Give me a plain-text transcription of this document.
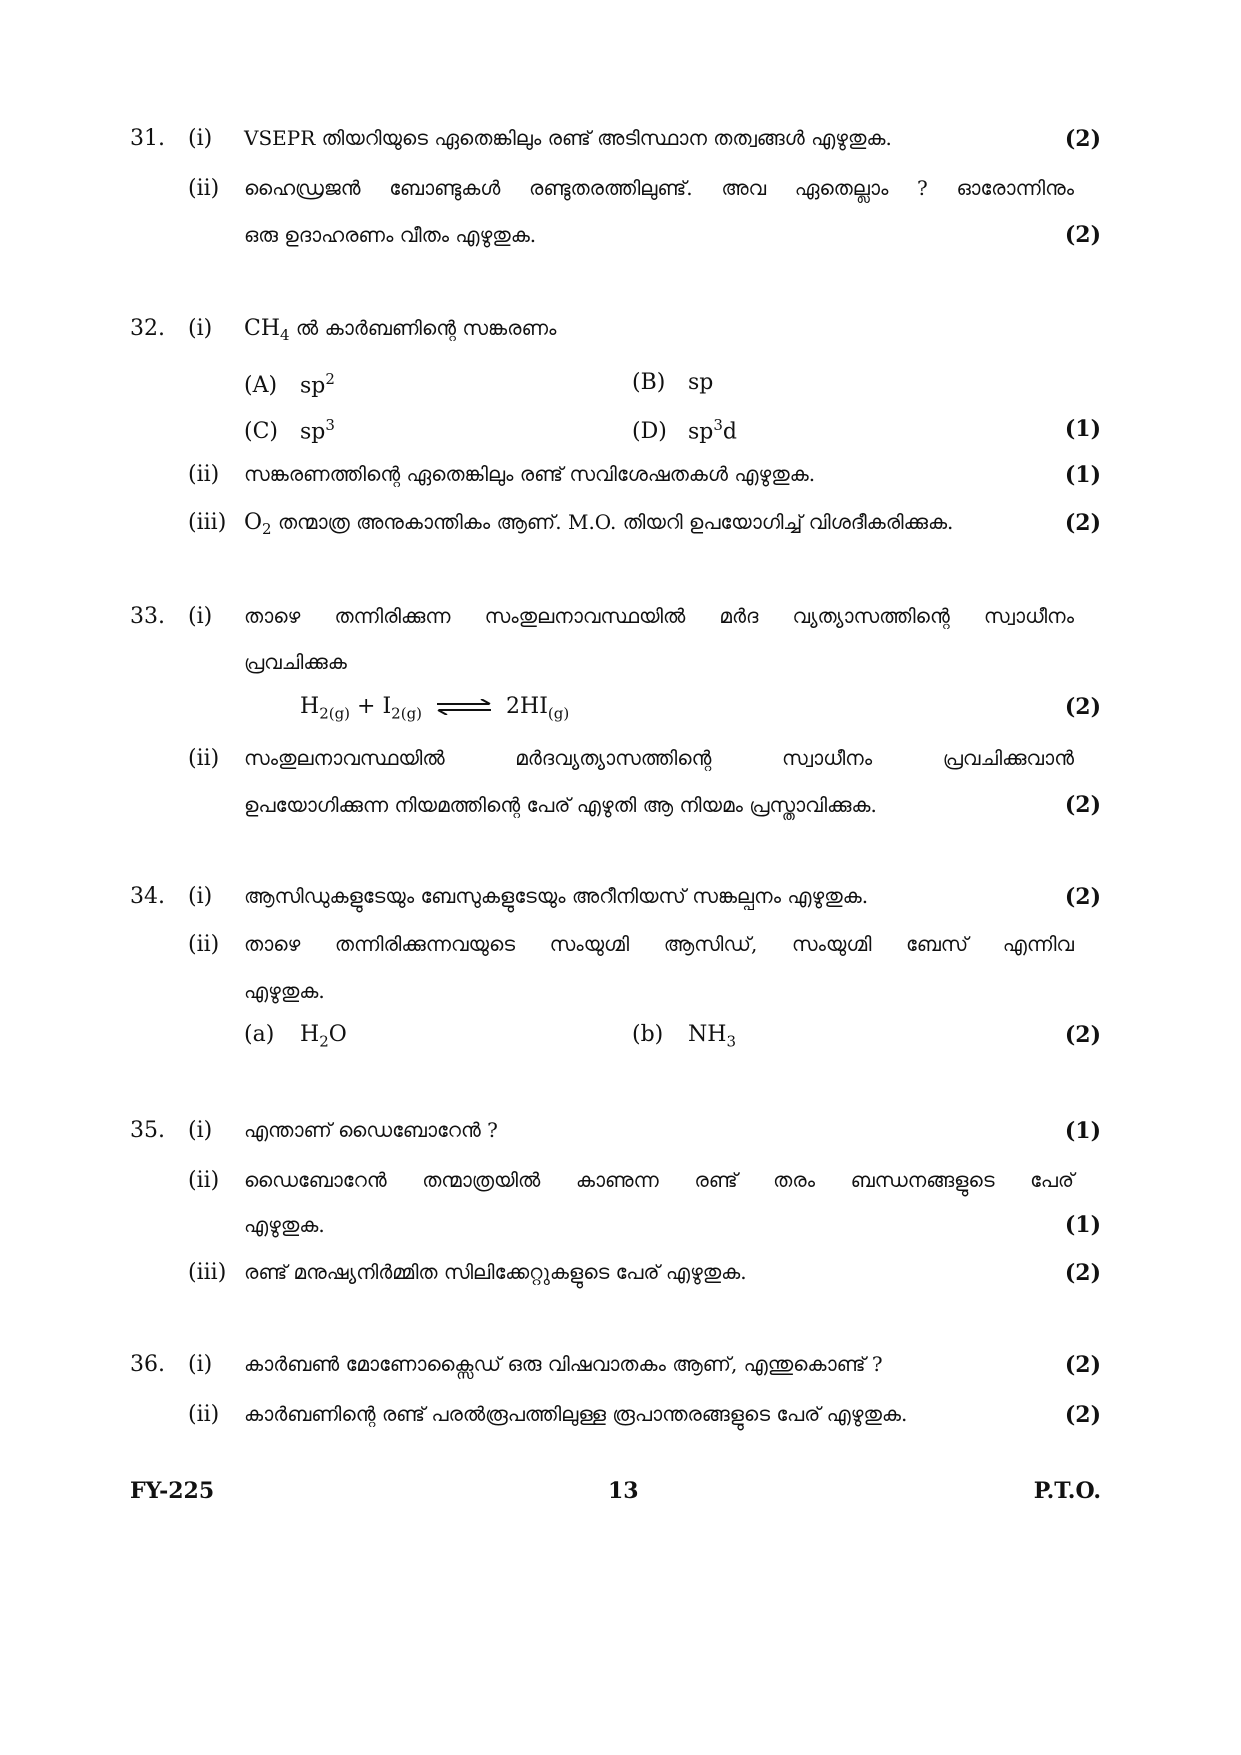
31. (i) VSEPR തിയറിയുടെ ഏതെങ്കിലും രണ്ട് അടിസ്ഥാന തത്വങ്ങൾ എഴുതുക.	(2)
(ii) ഹൈഡ്രജൻ ബോണ്ടുകൾ രണ്ടുതരത്തിലുണ്ട്. അവ ഏതെല്ലാം ? ഓരോന്നിനും
ഒരു ഉദാഹരണം വീതം എഴുതുക.	(2)
32. (i) $CH_4$ ൽ കാർബണിന്റെ സങ്കരണം
(A) $sp^2$	(B) sp
(C) $sp^3$	(D) $sp^3d$	(1)
(ii) സങ്കരണത്തിന്റെ ഏതെങ്കിലും രണ്ട് സവിശേഷതകൾ എഴുതുക.	(1)
(iii) $O_2$ തന്മാത്ര അനുകാന്തികം ആണ്. M.O. തിയറി ഉപയോഗിച്ച് വിശദീകരിക്കുക.	(2)
33. (i) താഴെ തന്നിരിക്കുന്ന സംതുലനാവസ്ഥയിൽ മർദ വ്യത്യാസത്തിന്റെ സ്വാധീനം
പ്രവചിക്കുക
$H_{2(g)} + I_{2(g)}$ ⇌ $2HI_{(g)}$	(2)
(ii) സംതുലനാവസ്ഥയിൽ മർദവ്യത്യാസത്തിന്റെ സ്വാധീനം പ്രവചിക്കുവാൻ
ഉപയോഗിക്കുന്ന നിയമത്തിന്റെ പേര് എഴുതി ആ നിയമം പ്രസ്താവിക്കുക.	(2)
34. (i) ആസിഡുകളുടേയും ബേസുകളുടേയും അറീനിയസ് സങ്കല്പനം എഴുതുക.	(2)
(ii) താഴെ തന്നിരിക്കുന്നവയുടെ സംയുഗ്മി ആസിഡ്, സംയുഗ്മി ബേസ് എന്നിവ
എഴുതുക.
(a) $H_2O$	(b) $NH_3$	(2)
35. (i) എന്താണ് ഡൈബോറേൻ ?	(1)
(ii) ഡൈബോറേൻ തന്മാത്രയിൽ കാണുന്ന രണ്ട് തരം ബന്ധനങ്ങളുടെ പേര്
എഴുതുക.	(1)
(iii) രണ്ട് മനുഷ്യനിർമ്മിത സിലിക്കേറ്റുകളുടെ പേര് എഴുതുക.	(2)
36. (i) കാർബൺ മോണോക്സൈഡ് ഒരു വിഷവാതകം ആണ്, എന്തുകൊണ്ട് ?	(2)
(ii) കാർബണിന്റെ രണ്ട് പരൽരൂപത്തിലുള്ള രൂപാന്തരങ്ങളുടെ പേര് എഴുതുക.	(2)
FY-225	13	P.T.O.
